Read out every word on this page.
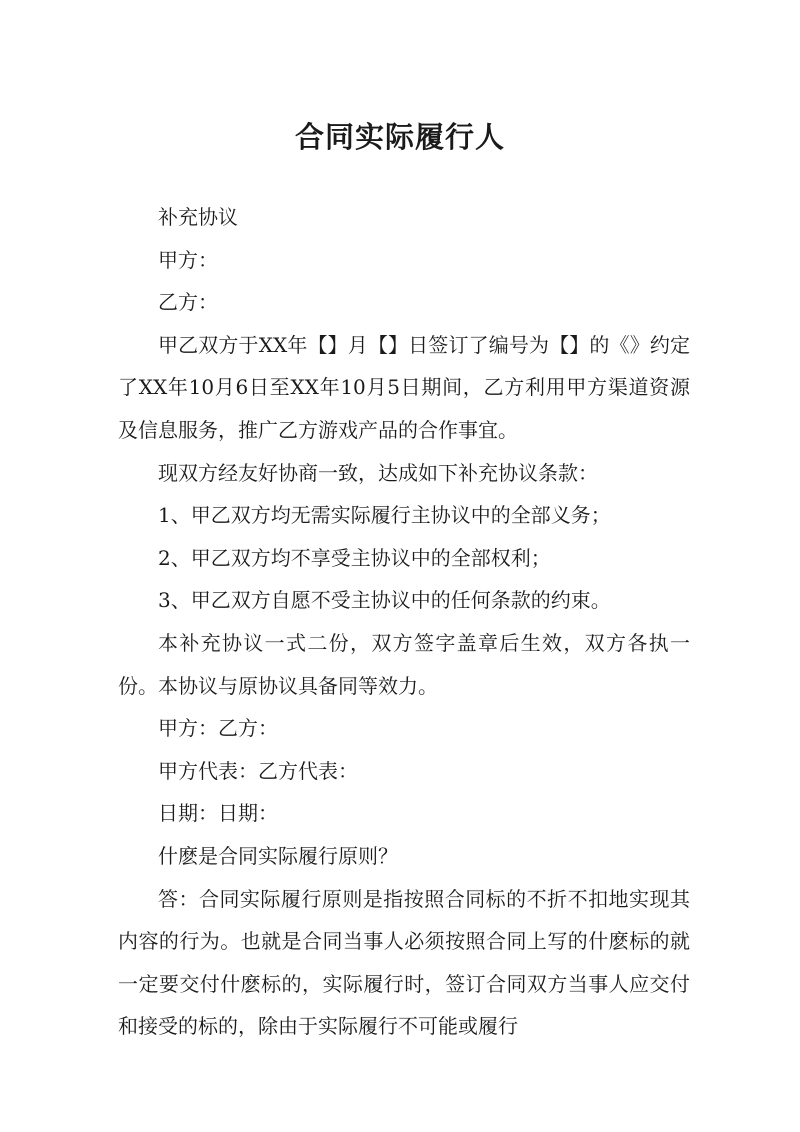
合同实际履行人

补充协议

甲方：

乙方：

甲乙双方于XX年【】月【】日签订了编号为【】的《》约定了XX年10月6日至XX年10月5日期间，乙方利用甲方渠道资源及信息服务，推广乙方游戏产品的合作事宜。

现双方经友好协商一致，达成如下补充协议条款：

1、甲乙双方均无需实际履行主协议中的全部义务；

2、甲乙双方均不享受主协议中的全部权利；

3、甲乙双方自愿不受主协议中的任何条款的约束。

本补充协议一式二份，双方签字盖章后生效，双方各执一份。本协议与原协议具备同等效力。

甲方：乙方：

甲方代表：乙方代表：

日期：日期：

什麽是合同实际履行原则？

答：合同实际履行原则是指按照合同标的不折不扣地实现其内容的行为。也就是合同当事人必须按照合同上写的什麽标的就一定要交付什麽标的，实际履行时，签订合同双方当事人应交付和接受的标的，除由于实际履行不可能或履行
